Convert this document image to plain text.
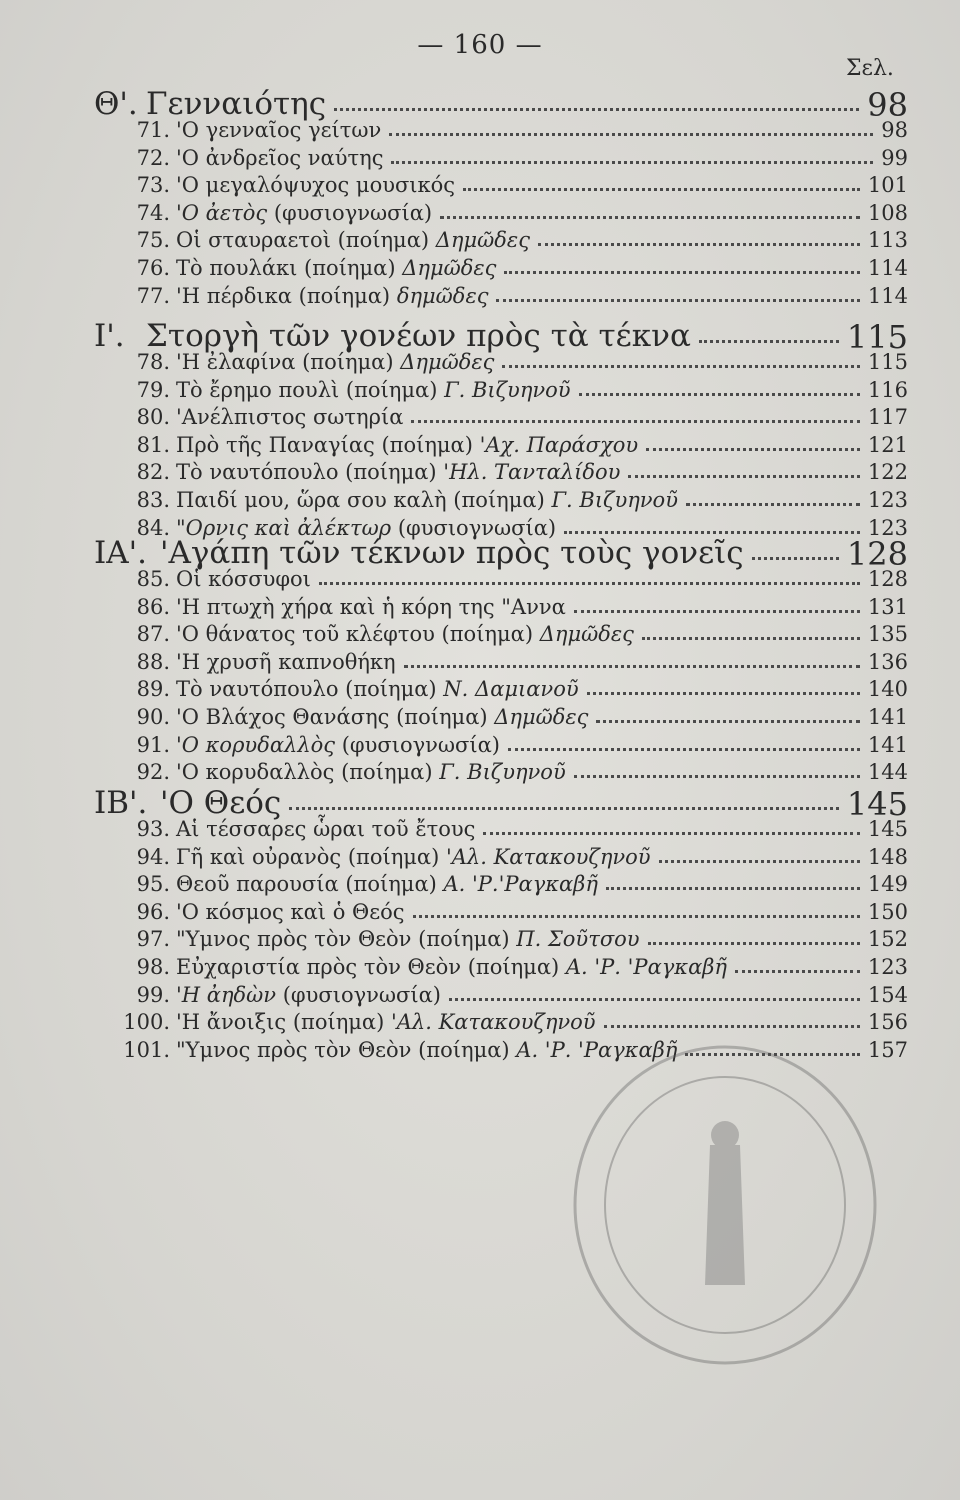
— 160 —
Σελ.
Θ'. Γενναιότης	98
71. 'Ο γενναῖος γείτων	98
72. 'Ο ἀνδρεῖος ναύτης	99
73. 'Ο μεγαλόψυχος μουσικός	101
74. 'Ο ἀετὸς (φυσιογνωσία)	108
75. Οἱ σταυραετοὶ (ποίημα) Δημῶδες	113
76. Τὸ πουλάκι (ποίημα) Δημῶδες	114
77. 'Η πέρδικα (ποίημα) δημῶδες	114
Ι'. Στοργὴ τῶν γονέων πρὸς τὰ τέκνα	115
78. 'Η ἐλαφίνα (ποίημα) Δημῶδες	115
79. Τὸ ἔρημο πουλὶ (ποίημα) Γ. Βιζυηνοῦ	116
80. 'Ανέλπιστος σωτηρία	117
81. Πρὸ τῆς Παναγίας (ποίημα) 'Αχ. Παράσχου	121
82. Τὸ ναυτόπουλο (ποίημα) 'Ηλ. Τανταλίδου	122
83. Παιδί μου, ὥρα σου καλὴ (ποίημα) Γ. Βιζυηνοῦ	123
84. "Ορνις καὶ ἀλέκτωρ (φυσιογνωσία)	123
ΙΑ'. 'Αγάπη τῶν τέκνων πρὸς τοὺς γονεῖς	128
85. Οἱ κόσσυφοι	128
86. 'Η πτωχὴ χήρα καὶ ἡ κόρη της "Αννα	131
87. 'Ο θάνατος τοῦ κλέφτου (ποίημα) Δημῶδες	135
88. 'Η χρυσῆ καπνοθήκη	136
89. Τὸ ναυτόπουλο (ποίημα) Ν. Δαμιανοῦ	140
90. 'Ο Βλάχος Θανάσης (ποίημα) Δημῶδες	141
91. 'Ο κορυδαλλὸς (φυσιογνωσία)	141
92. 'Ο κορυδαλλὸς (ποίημα) Γ. Βιζυηνοῦ	144
ΙΒ'. 'Ο Θεός	145
93. Αἱ τέσσαρες ὧραι τοῦ ἔτους	145
94. Γῆ καὶ οὐρανὸς (ποίημα) 'Αλ. Κατακουζηνοῦ	148
95. Θεοῦ παρουσία (ποίημα) Α. 'Ρ.'Ραγκαβῆ	149
96. 'Ο κόσμος καὶ ὁ Θεός	150
97. "Υμνος πρὸς τὸν Θεὸν (ποίημα) Π. Σοῦτσου	152
98. Εὐχαριστία πρὸς τὸν Θεὸν (ποίημα) Α. 'Ρ. 'Ραγκαβῆ	123
99. 'Η ἀηδὼν (φυσιογνωσία)	154
100. 'Η ἄνοιξις (ποίημα) 'Αλ. Κατακουζηνοῦ	156
101. "Υμνος πρὸς τὸν Θεὸν (ποίημα) Α. 'Ρ. 'Ραγκαβῆ	157
